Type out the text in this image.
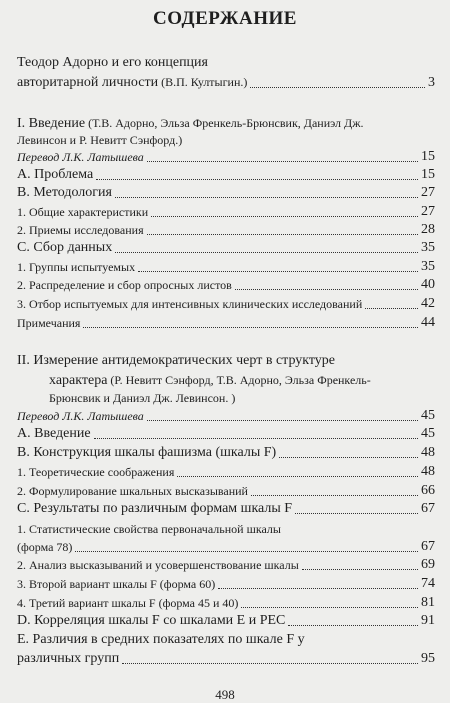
СОДЕРЖАНИЕ
Теодор Адорно и его концепция
авторитарной личности (В.П. Култыгин.)	3
I. Введение (Т.В. Адорно, Эльза Френкель-Брюнсвик, Даниэл Дж.
Левинсон и Р. Невитт Сэнфорд.)
Перевод Л.К. Латышева	15
А. Проблема	15
В. Методология	27
1. Общие характеристики	27
2. Приемы исследования	28
С. Сбор данных	35
1. Группы испытуемых	35
2. Распределение и сбор опросных листов	40
3. Отбор испытуемых для интенсивных клинических исследований	42
Примечания	44
II. Измерение антидемократических черт в структуре
характера (Р. Невитт Сэнфорд, Т.В. Адорно, Эльза Френкель-
Брюнсвик и Даниэл Дж. Левинсон. )
Перевод Л.К. Латышева	45
А. Введение	45
В. Конструкция шкалы фашизма (шкалы F)	48
1. Теоретические соображения	48
2. Формулирование шкальных высказываний	66
С. Результаты по различным формам шкалы F	67
1. Статистические свойства первоначальной шкалы
(форма 78)	67
2. Анализ высказываний и усовершенствование шкалы	69
3. Второй вариант шкалы F (форма 60)	74
4. Третий вариант шкалы F (форма 45 и 40)	81
D. Корреляция шкалы F со шкалами Е и РЕС	91
Е. Различия в средних показателях по шкале F у
различных групп	95
498
